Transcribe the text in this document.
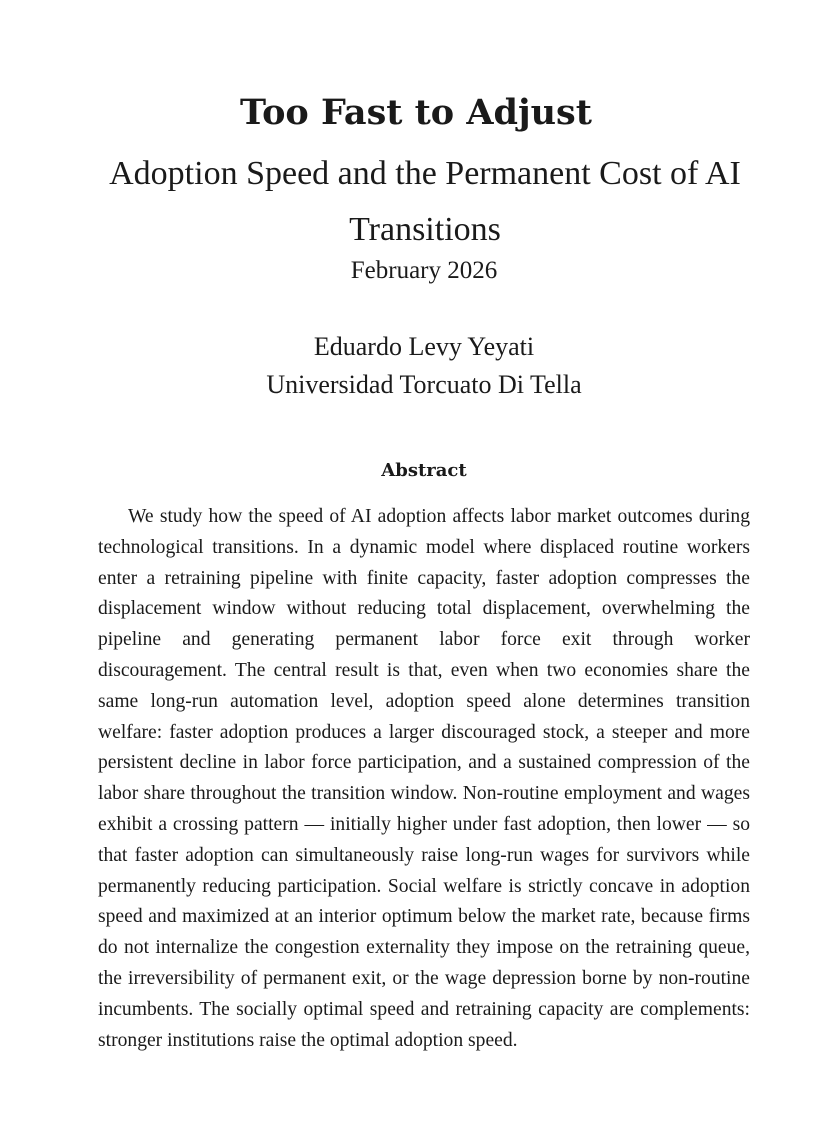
Too Fast to Adjust
Adoption Speed and the Permanent Cost of AI Transitions
February 2026
Eduardo Levy Yeyati
Universidad Torcuato Di Tella
Abstract

We study how the speed of AI adoption affects labor market outcomes during technological transitions. In a dynamic model where displaced routine workers enter a retraining pipeline with finite capacity, faster adoption compresses the displacement window without reducing total displacement, overwhelming the pipeline and generating permanent labor force exit through worker discouragement. The central result is that, even when two economies share the same long-run automation level, adoption speed alone determines transition welfare: faster adoption produces a larger discouraged stock, a steeper and more persistent decline in labor force participation, and a sustained compression of the labor share throughout the transition window. Non-routine employment and wages exhibit a crossing pattern — initially higher under fast adoption, then lower — so that faster adoption can simultaneously raise long-run wages for survivors while permanently reducing participation. Social welfare is strictly concave in adoption speed and maximized at an interior optimum below the market rate, because firms do not internalize the congestion externality they impose on the retraining queue, the irreversibility of permanent exit, or the wage depression borne by non-routine incumbents. The socially optimal speed and retraining capacity are complements: stronger institutions raise the optimal adoption speed.
